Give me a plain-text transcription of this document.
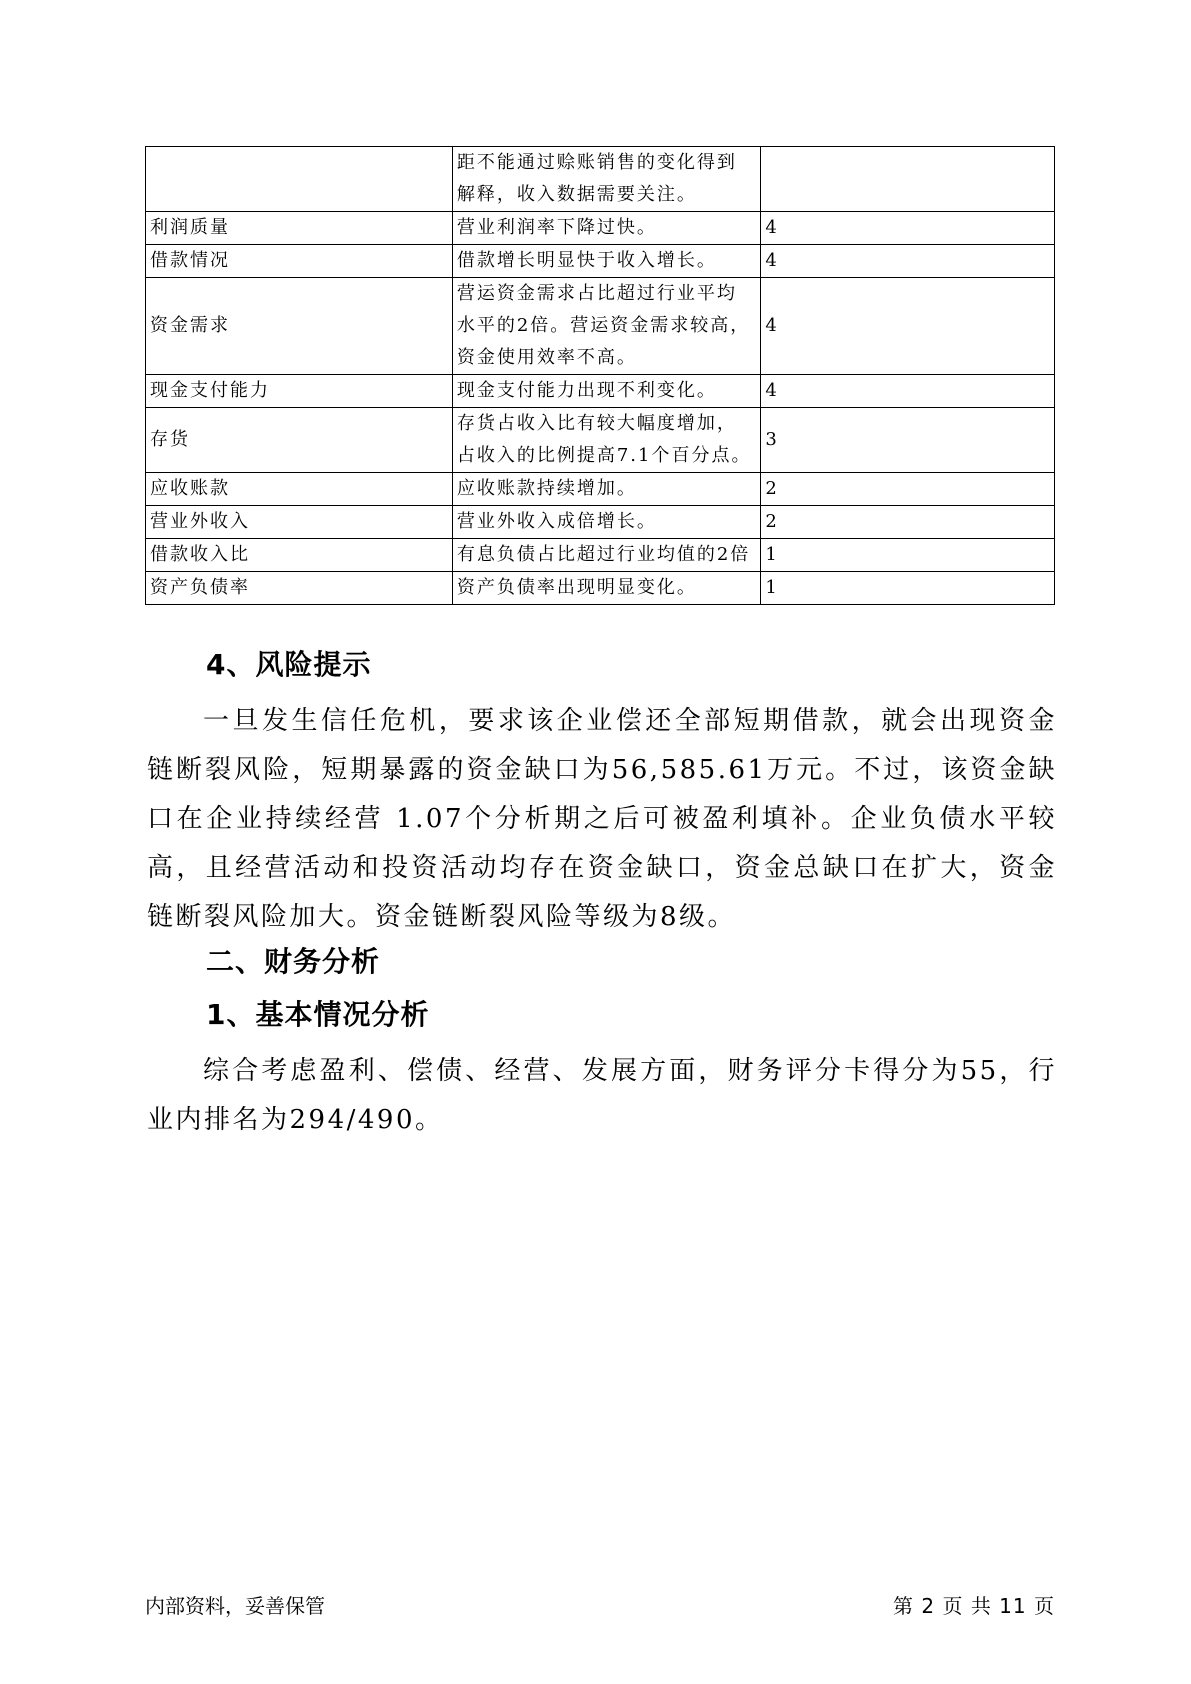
	距不能通过赊账销售的变化得到
解释，收入数据需要关注。	

利润质量	营业利润率下降过快。	4
借款情况	借款增长明显快于收入增长。	4
资金需求	营运资金需求占比超过行业平均
水平的2倍。营运资金需求较高，
资金使用效率不高。	4
现金支付能力	现金支付能力出现不利变化。	4
存货	存货占收入比有较大幅度增加，
占收入的比例提高7.1个百分点。	3
应收账款	应收账款持续增加。	2
营业外收入	营业外收入成倍增长。	2
借款收入比	有息负债占比超过行业均值的2倍	1
资产负债率	资产负债率出现明显变化。	1
4、风险提示
一旦发生信任危机，要求该企业偿还全部短期借款，就会出现资金链断裂风险，短期暴露的资金缺口为56,585.61万元。不过，该资金缺口在企业持续经营 1.07个分析期之后可被盈利填补。企业负债水平较高，且经营活动和投资活动均存在资金缺口，资金总缺口在扩大，资金链断裂风险加大。资金链断裂风险等级为8级。
二、财务分析
1、基本情况分析
综合考虑盈利、偿债、经营、发展方面，财务评分卡得分为55，行业内排名为294/490。
内部资料，妥善保管	第 2 页 共 11 页
